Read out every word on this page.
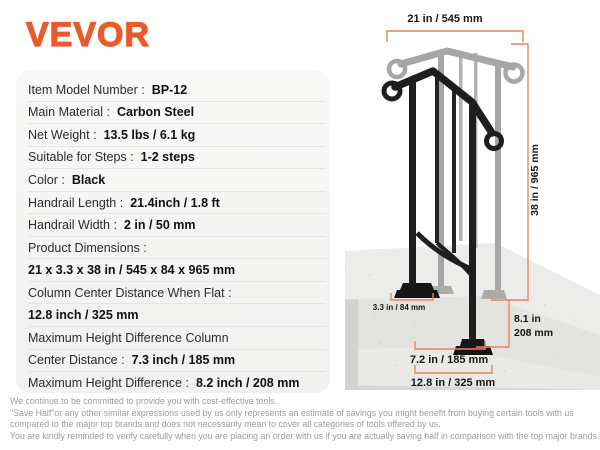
VEVOR
Item Model Number : BP-12
Main Material : Carbon Steel
Net Weight : 13.5 lbs / 6.1 kg
Suitable for Steps : 1-2 steps
Color : Black
Handrail Length : 21.4inch / 1.8 ft
Handrail Width : 2 in / 50 mm
Product Dimensions :
21 x 3.3 x 38 in / 545 x 84 x 965 mm
Column Center Distance When Flat :
12.8 inch / 325 mm
Maximum Height Difference Column
Center Distance : 7.3 inch / 185 mm
Maximum Height Difference : 8.2 inch / 208 mm
21 in / 545 mm
38 in / 965 mm
8.1 in
208 mm
3.3 in / 84 mm
7.2 in / 185 mm
12.8 in / 325 mm
We continue to be committed to provide you with cost-effective tools.
"Save Half"or any other similar expressions used by us only represents an estimate of savings you might benefit from buying certain tools with us
compared to the major top brands and does not necessarily mean to cover all categories of tools offered by us.
You are kindly reminded to verify carefully when you are placing an order with us if you are actually saving half in comparison with the top major brands.
